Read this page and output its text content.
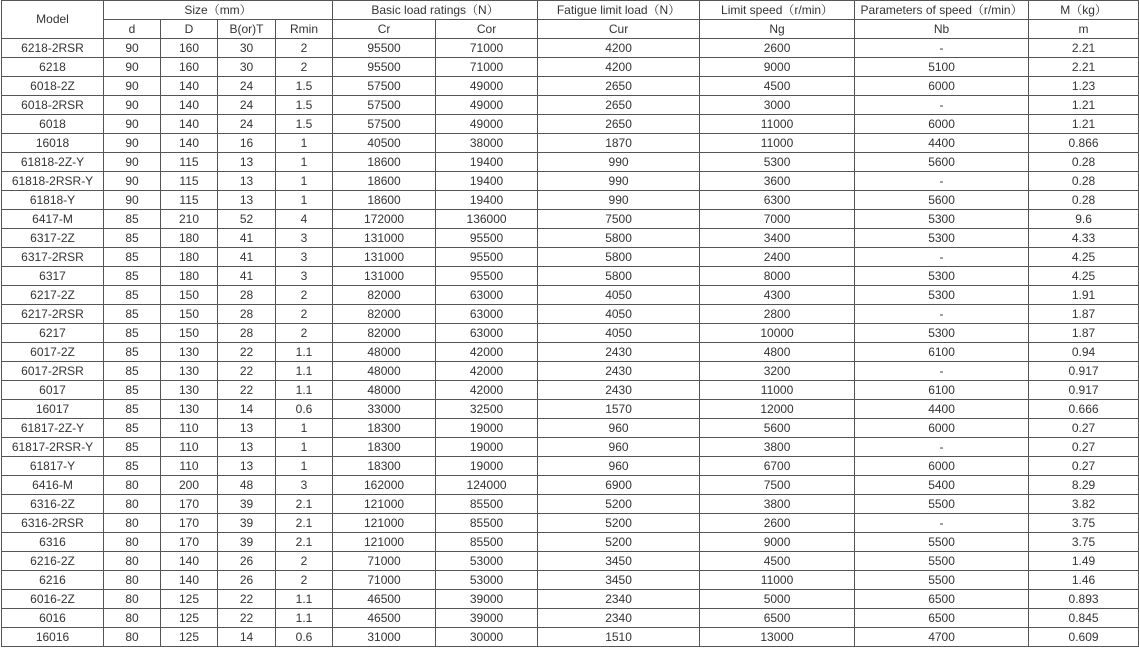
Model	Size（mm）				Basic load ratings（N）		Fatigue limit load（N）	Limit speed（r/min）	Parameters of speed（r/min）	M（kg）
	d	D	B(or)T	Rmin	Cr	Cor	Cur	Ng	Nb	m
6218-2RSR	90	160	30	2	95500	71000	4200	2600	-	2.21
6218	90	160	30	2	95500	71000	4200	9000	5100	2.21
6018-2Z	90	140	24	1.5	57500	49000	2650	4500	6000	1.23
6018-2RSR	90	140	24	1.5	57500	49000	2650	3000	-	1.21
6018	90	140	24	1.5	57500	49000	2650	11000	6000	1.21
16018	90	140	16	1	40500	38000	1870	11000	4400	0.866
61818-2Z-Y	90	115	13	1	18600	19400	990	5300	5600	0.28
61818-2RSR-Y	90	115	13	1	18600	19400	990	3600	-	0.28
61818-Y	90	115	13	1	18600	19400	990	6300	5600	0.28
6417-M	85	210	52	4	172000	136000	7500	7000	5300	9.6
6317-2Z	85	180	41	3	131000	95500	5800	3400	5300	4.33
6317-2RSR	85	180	41	3	131000	95500	5800	2400	-	4.25
6317	85	180	41	3	131000	95500	5800	8000	5300	4.25
6217-2Z	85	150	28	2	82000	63000	4050	4300	5300	1.91
6217-2RSR	85	150	28	2	82000	63000	4050	2800	-	1.87
6217	85	150	28	2	82000	63000	4050	10000	5300	1.87
6017-2Z	85	130	22	1.1	48000	42000	2430	4800	6100	0.94
6017-2RSR	85	130	22	1.1	48000	42000	2430	3200	-	0.917
6017	85	130	22	1.1	48000	42000	2430	11000	6100	0.917
16017	85	130	14	0.6	33000	32500	1570	12000	4400	0.666
61817-2Z-Y	85	110	13	1	18300	19000	960	5600	6000	0.27
61817-2RSR-Y	85	110	13	1	18300	19000	960	3800	-	0.27
61817-Y	85	110	13	1	18300	19000	960	6700	6000	0.27
6416-M	80	200	48	3	162000	124000	6900	7500	5400	8.29
6316-2Z	80	170	39	2.1	121000	85500	5200	3800	5500	3.82
6316-2RSR	80	170	39	2.1	121000	85500	5200	2600	-	3.75
6316	80	170	39	2.1	121000	85500	5200	9000	5500	3.75
6216-2Z	80	140	26	2	71000	53000	3450	4500	5500	1.49
6216	80	140	26	2	71000	53000	3450	11000	5500	1.46
6016-2Z	80	125	22	1.1	46500	39000	2340	5000	6500	0.893
6016	80	125	22	1.1	46500	39000	2340	6500	6500	0.845
16016	80	125	14	0.6	31000	30000	1510	13000	4700	0.609
